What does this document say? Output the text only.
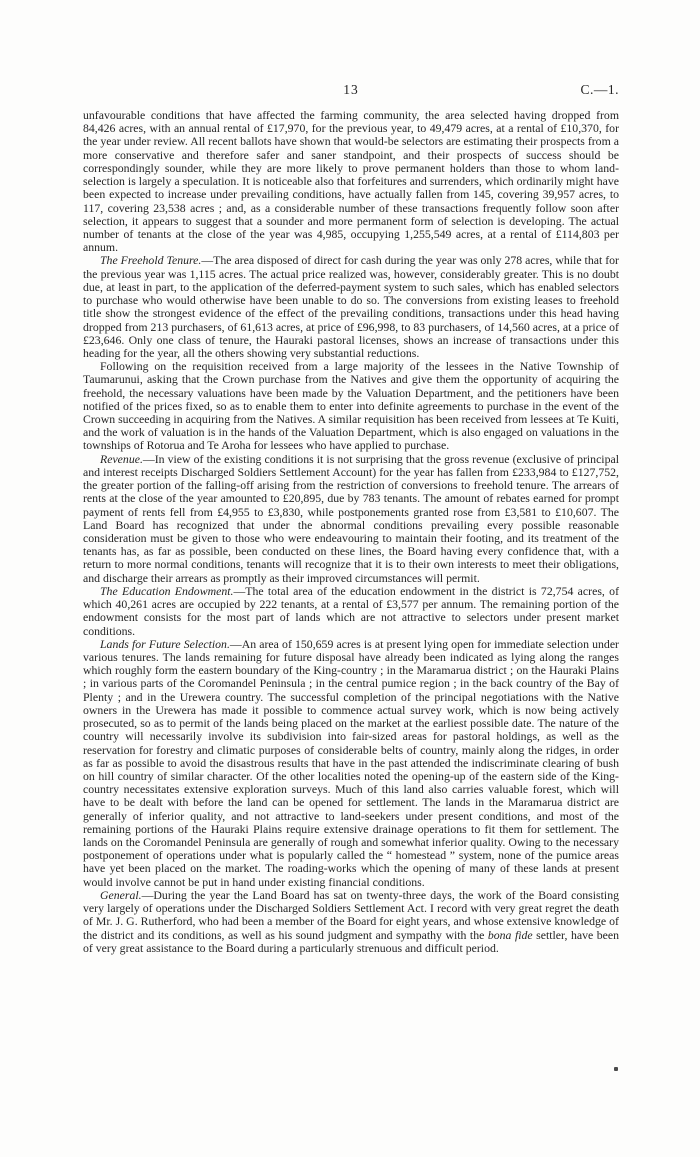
13	C.—1.

unfavourable conditions that have affected the farming community, the area selected having dropped from 84,426 acres, with an annual rental of £17,970, for the previous year, to 49,479 acres, at a rental of £10,370, for the year under review. All recent ballots have shown that would-be selectors are estimating their prospects from a more conservative and therefore safer and saner standpoint, and their prospects of success should be correspondingly sounder, while they are more likely to prove permanent holders than those to whom land-selection is largely a speculation. It is noticeable also that forfeitures and surrenders, which ordinarily might have been expected to increase under prevailing conditions, have actually fallen from 145, covering 39,957 acres, to 117, covering 23,538 acres ; and, as a considerable number of these transactions frequently follow soon after selection, it appears to suggest that a sounder and more permanent form of selection is developing. The actual number of tenants at the close of the year was 4,985, occupying 1,255,549 acres, at a rental of £114,803 per annum.

The Freehold Tenure.—The area disposed of direct for cash during the year was only 278 acres, while that for the previous year was 1,115 acres. The actual price realized was, however, considerably greater. This is no doubt due, at least in part, to the application of the deferred-payment system to such sales, which has enabled selectors to purchase who would otherwise have been unable to do so. The conversions from existing leases to freehold title show the strongest evidence of the effect of the prevailing conditions, transactions under this head having dropped from 213 purchasers, of 61,613 acres, at price of £96,998, to 83 purchasers, of 14,560 acres, at a price of £23,646. Only one class of tenure, the Hauraki pastoral licenses, shows an increase of transactions under this heading for the year, all the others showing very substantial reductions.

Following on the requisition received from a large majority of the lessees in the Native Township of Taumarunui, asking that the Crown purchase from the Natives and give them the opportunity of acquiring the freehold, the necessary valuations have been made by the Valuation Department, and the petitioners have been notified of the prices fixed, so as to enable them to enter into definite agreements to purchase in the event of the Crown succeeding in acquiring from the Natives. A similar requisition has been received from lessees at Te Kuiti, and the work of valuation is in the hands of the Valuation Department, which is also engaged on valuations in the townships of Rotorua and Te Aroha for lessees who have applied to purchase.

Revenue.—In view of the existing conditions it is not surprising that the gross revenue (exclusive of principal and interest receipts Discharged Soldiers Settlement Account) for the year has fallen from £233,984 to £127,752, the greater portion of the falling-off arising from the restriction of conversions to freehold tenure. The arrears of rents at the close of the year amounted to £20,895, due by 783 tenants. The amount of rebates earned for prompt payment of rents fell from £4,955 to £3,830, while postponements granted rose from £3,581 to £10,607. The Land Board has recognized that under the abnormal conditions prevailing every possible reasonable consideration must be given to those who were endeavouring to maintain their footing, and its treatment of the tenants has, as far as possible, been conducted on these lines, the Board having every confidence that, with a return to more normal conditions, tenants will recognize that it is to their own interests to meet their obligations, and discharge their arrears as promptly as their improved circumstances will permit.

The Education Endowment.—The total area of the education endowment in the district is 72,754 acres, of which 40,261 acres are occupied by 222 tenants, at a rental of £3,577 per annum. The remaining portion of the endowment consists for the most part of lands which are not attractive to selectors under present market conditions.

Lands for Future Selection.—An area of 150,659 acres is at present lying open for immediate selection under various tenures. The lands remaining for future disposal have already been indicated as lying along the ranges which roughly form the eastern boundary of the King-country ; in the Maramarua district ; on the Hauraki Plains ; in various parts of the Coromandel Peninsula ; in the central pumice region ; in the back country of the Bay of Plenty ; and in the Urewera country. The successful completion of the principal negotiations with the Native owners in the Urewera has made it possible to commence actual survey work, which is now being actively prosecuted, so as to permit of the lands being placed on the market at the earliest possible date. The nature of the country will necessarily involve its subdivision into fair-sized areas for pastoral holdings, as well as the reservation for forestry and climatic purposes of considerable belts of country, mainly along the ridges, in order as far as possible to avoid the disastrous results that have in the past attended the indiscriminate clearing of bush on hill country of similar character. Of the other localities noted the opening-up of the eastern side of the King-country necessitates extensive exploration surveys. Much of this land also carries valuable forest, which will have to be dealt with before the land can be opened for settlement. The lands in the Maramarua district are generally of inferior quality, and not attractive to land-seekers under present conditions, and most of the remaining portions of the Hauraki Plains require extensive drainage operations to fit them for settlement. The lands on the Coromandel Peninsula are generally of rough and somewhat inferior quality. Owing to the necessary postponement of operations under what is popularly called the “ homestead ” system, none of the pumice areas have yet been placed on the market. The roading-works which the opening of many of these lands at present would involve cannot be put in hand under existing financial conditions.

General.—During the year the Land Board has sat on twenty-three days, the work of the Board consisting very largely of operations under the Discharged Soldiers Settlement Act. I record with very great regret the death of Mr. J. G. Rutherford, who had been a member of the Board for eight years, and whose extensive knowledge of the district and its conditions, as well as his sound judgment and sympathy with the bona fide settler, have been of very great assistance to the Board during a particularly strenuous and difficult period.
